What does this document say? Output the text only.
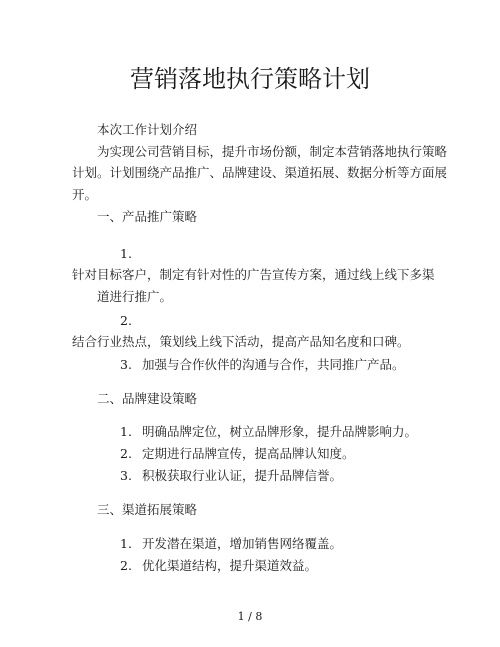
营销落地执行策略计划

本次工作计划介绍

为实现公司营销目标，提升市场份额，制定本营销落地执行策略

计划。计划围绕产品推广、品牌建设、渠道拓展、数据分析等方面展

开。

一、产品推广策略

1.

针对目标客户，制定有针对性的广告宣传方案，通过线上线下多渠

道进行推广。

2.

结合行业热点，策划线上线下活动，提高产品知名度和口碑。

3. 加强与合作伙伴的沟通与合作，共同推广产品。

二、品牌建设策略

1. 明确品牌定位，树立品牌形象，提升品牌影响力。

2. 定期进行品牌宣传，提高品牌认知度。

3. 积极获取行业认证，提升品牌信誉。

三、渠道拓展策略

1. 开发潜在渠道，增加销售网络覆盖。

2. 优化渠道结构，提升渠道效益。

1 / 8
